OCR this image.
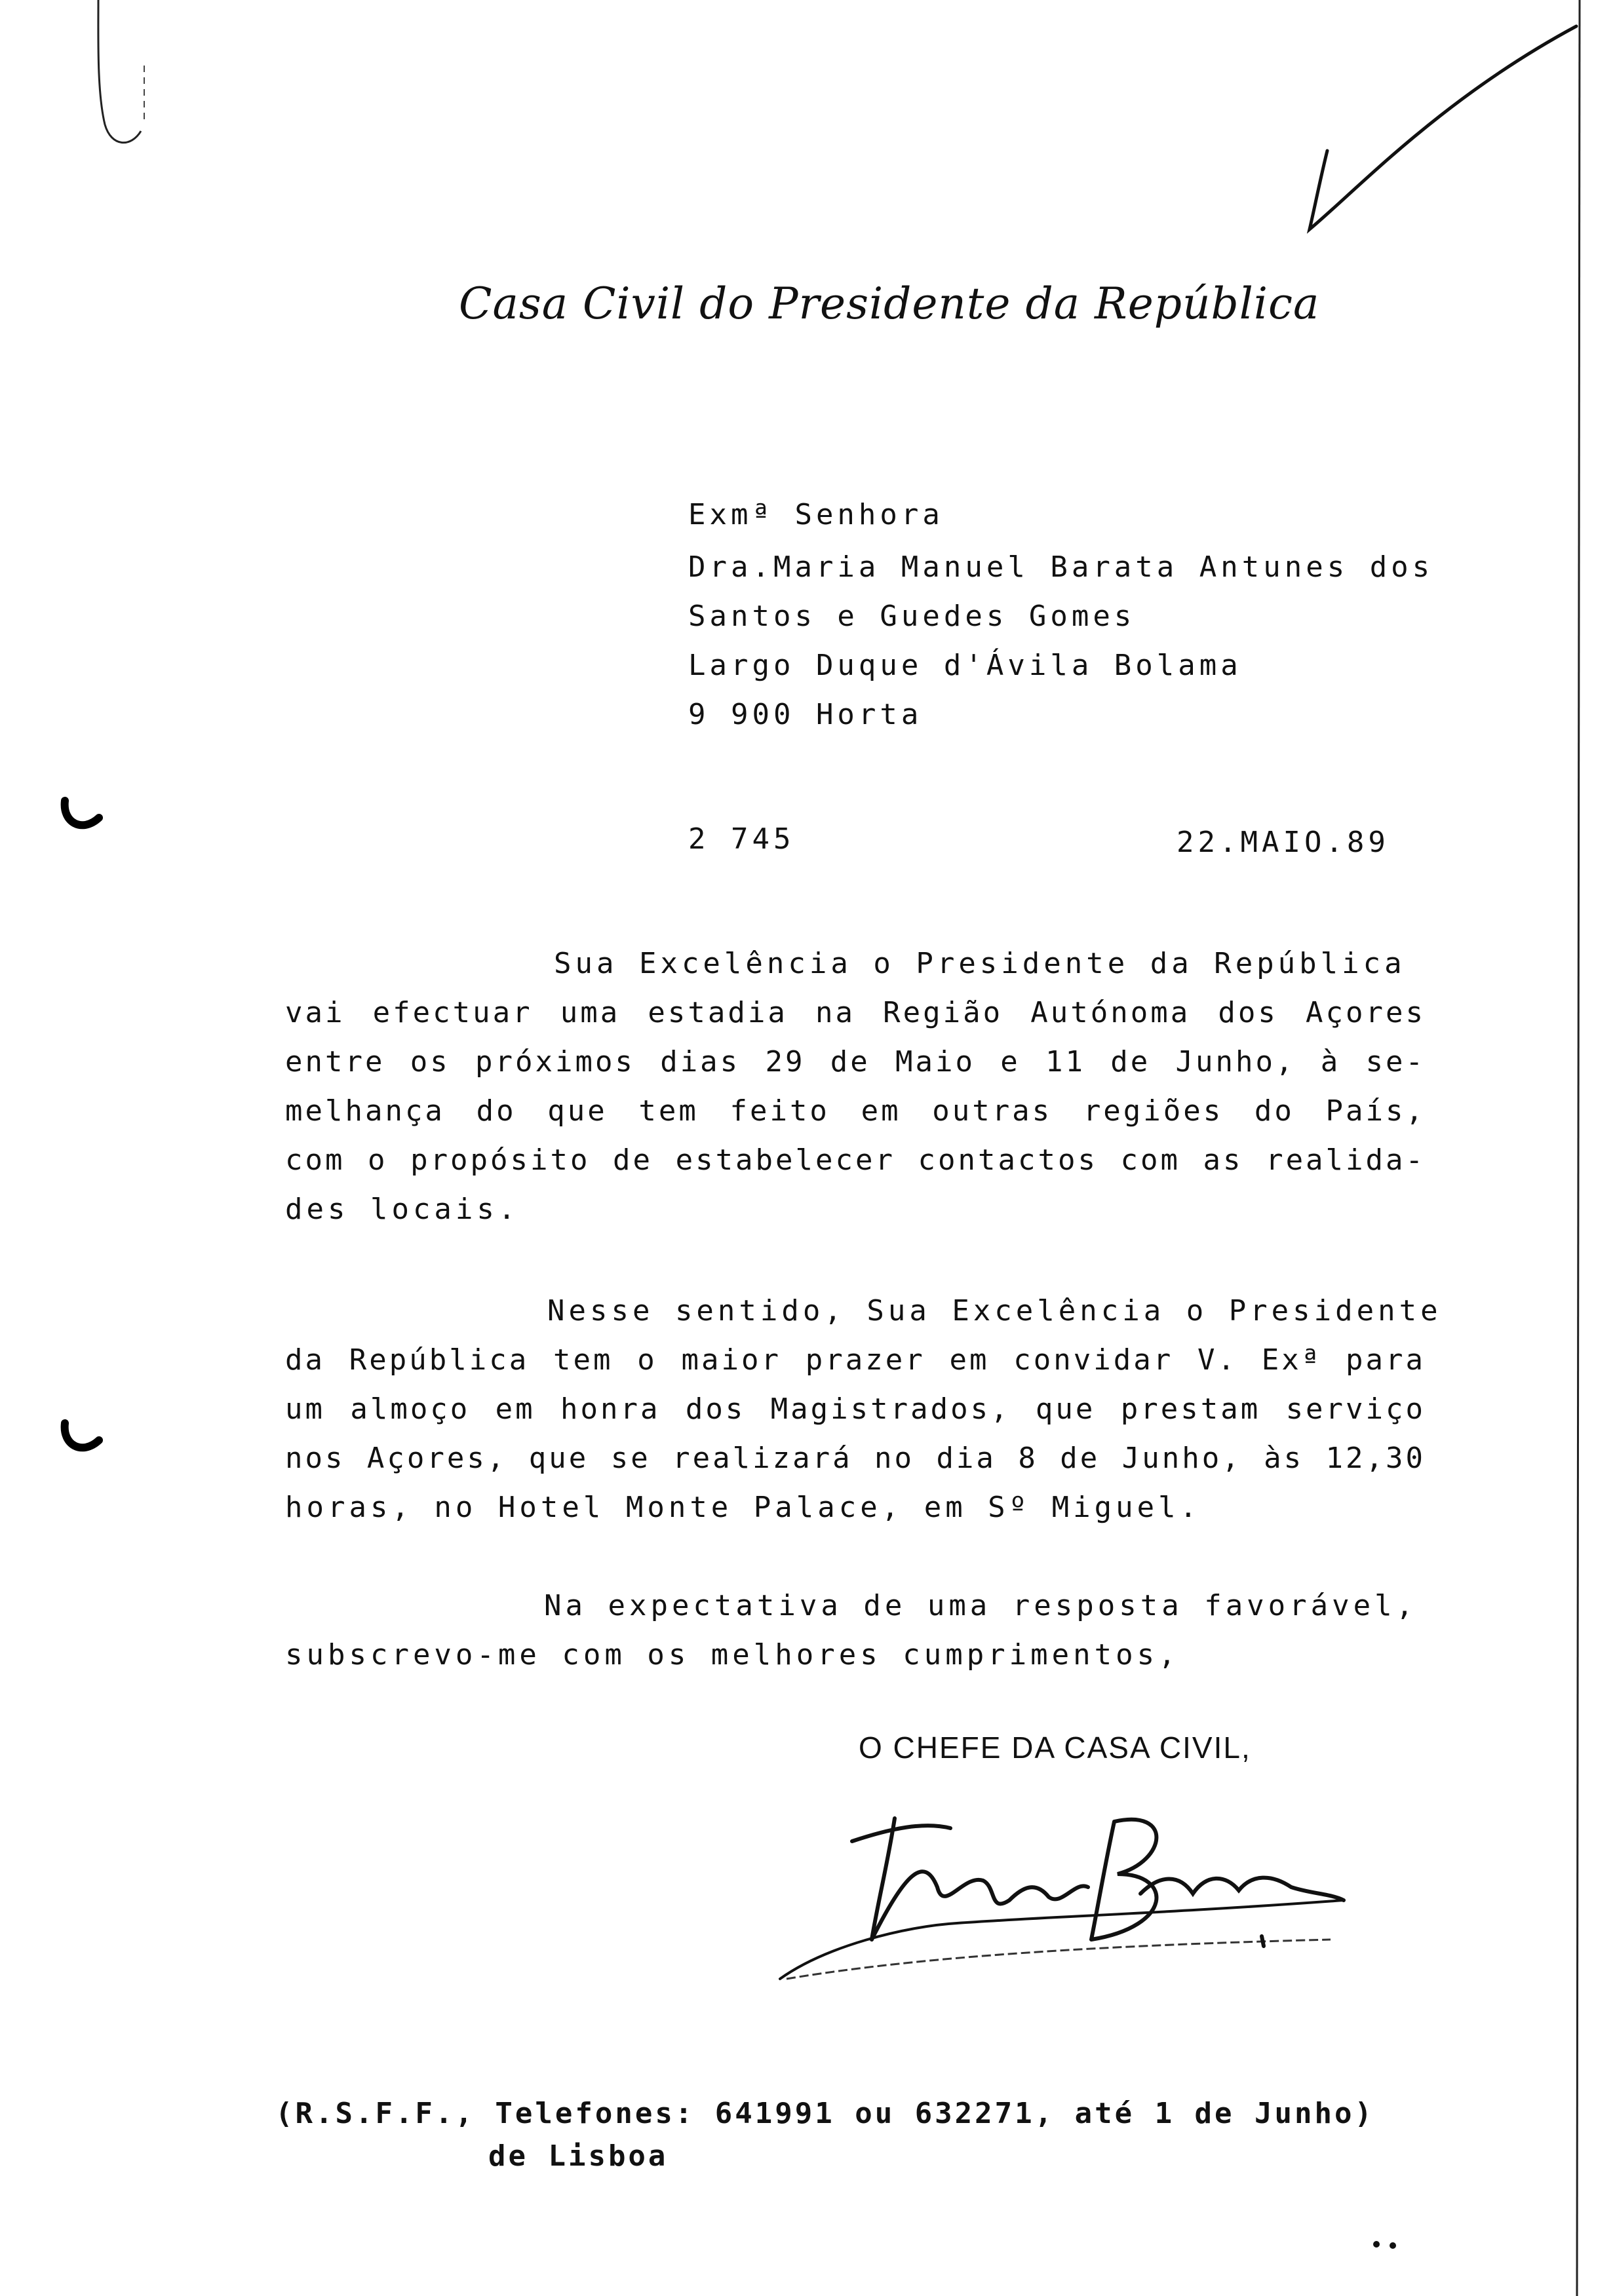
Casa Civil do Presidente da República
Exmª Senhora
Dra.Maria Manuel Barata Antunes dos
Santos e Guedes Gomes
Largo Duque d'Ávila Bolama
9 900 Horta
2 745	22.MAIO.89
Sua Excelência o Presidente da República
vai efectuar uma estadia na Região Autónoma dos Açores
entre os próximos dias 29 de Maio e 11 de Junho, à se-
melhança do que tem feito em outras regiões do País,
com o propósito de estabelecer contactos com as realida-
des locais.
Nesse sentido, Sua Excelência o Presidente
da República tem o maior prazer em convidar V. Exª para
um almoço em honra dos Magistrados, que prestam serviço
nos Açores, que se realizará no dia 8 de Junho, às 12,30
horas, no Hotel Monte Palace, em Sº Miguel.
Na expectativa de uma resposta favorável,
subscrevo-me com os melhores cumprimentos,
O CHEFE DA CASA CIVIL,
(R.S.F.F., Telefones: 641991 ou 632271, até 1 de Junho)
de Lisboa
